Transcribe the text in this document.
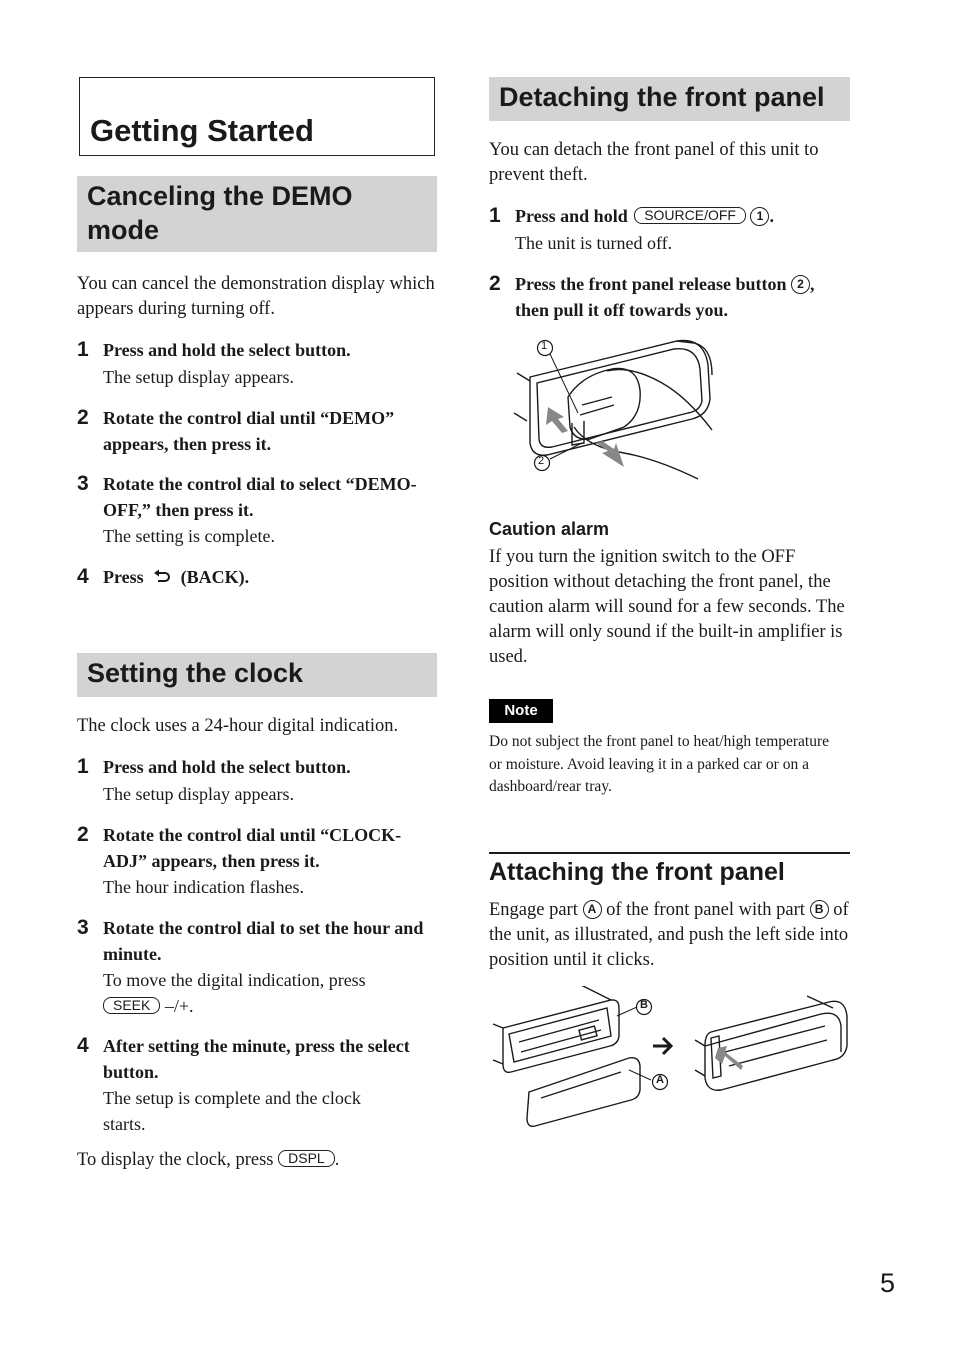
Getting Started
Canceling the DEMO mode
You can cancel the demonstration display which appears during turning off.
1 Press and hold the select button.
The setup display appears.
2 Rotate the control dial until “DEMO” appears, then press it.
3 Rotate the control dial to select “DEMO-OFF,” then press it.
The setting is complete.
4 Press (BACK).
Setting the clock
The clock uses a 24-hour digital indication.
1 Press and hold the select button.
The setup display appears.
2 Rotate the control dial until “CLOCK-ADJ” appears, then press it.
The hour indication flashes.
3 Rotate the control dial to set the hour and minute.
To move the digital indication, press
SEEK –/+.
4 After setting the minute, press the select button.
The setup is complete and the clock starts.
To display the clock, press DSPL .
Detaching the front panel
You can detach the front panel of this unit to prevent theft.
1 Press and hold SOURCE/OFF 1 .
The unit is turned off.
2 Press the front panel release button 2 , then pull it off towards you.
1
2
Caution alarm
If you turn the ignition switch to the OFF position without detaching the front panel, the caution alarm will sound for a few seconds. The alarm will only sound if the built-in amplifier is used.
Note
Do not subject the front panel to heat/high temperature or moisture. Avoid leaving it in a parked car or on a dashboard/rear tray.
Attaching the front panel
Engage part A of the front panel with part B of the unit, as illustrated, and push the left side into position until it clicks.
B
A
5
